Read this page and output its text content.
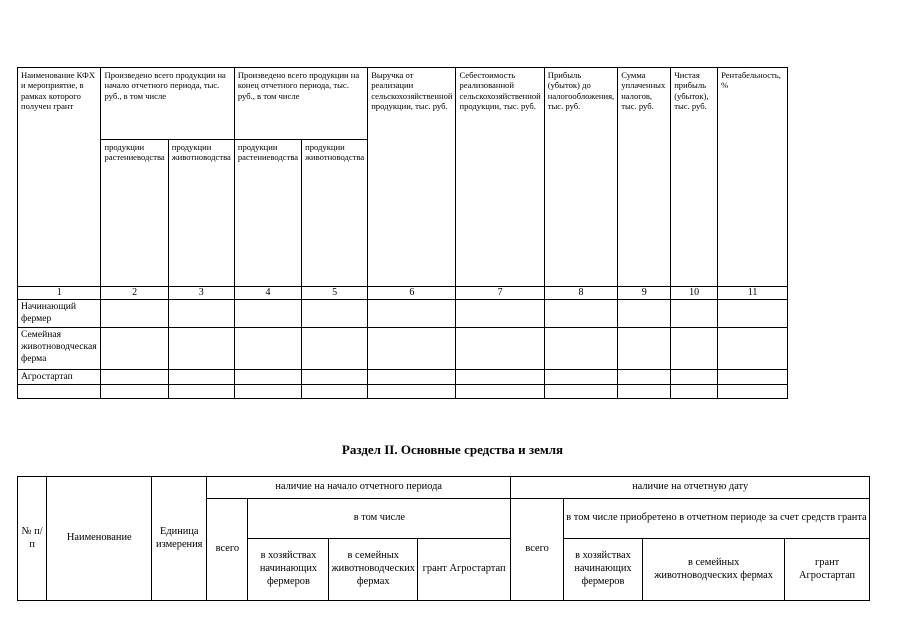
Наименование КФХ и мероприятие, в рамках которого получен грант	Произведено всего продукции на начало отчетного периода, тыс. руб., в том числе		Произведено всего продукции на конец отчетного периода, тыс. руб., в том числе		Выручка от реализации сельскохозяйственной продукции, тыс. руб.	Себестоимость реализованной сельскохозяйственной продукции, тыс. руб.	Прибыль (убыток) до налогообложения, тыс. руб.	Сумма уплаченных налогов, тыс. руб.	Чистая прибыль (убыток), тыс. руб.	Рентабельность, %
	продукции растениеводства	продукции животноводства	продукции растениеводства	продукции животноводства						
1	2	3	4	5	6	7	8	9	10	11
Начинающий фермер										
Семейная животноводческая ферма										
Агростартап										

Раздел II. Основные средства и земля
№ п/п	Наименование	Единица измерения	наличие на начало отчетного периода				наличие на отчетную дату			
			всего	в том числе			всего	в том числе приобретено в отчетном периоде за счет средств гранта		
				в хозяйствах начинающих фермеров	в семейных животноводческих фермах	грант Агростартап		в хозяйствах начинающих фермеров	в семейных животноводческих фермах	грант Агростартап
